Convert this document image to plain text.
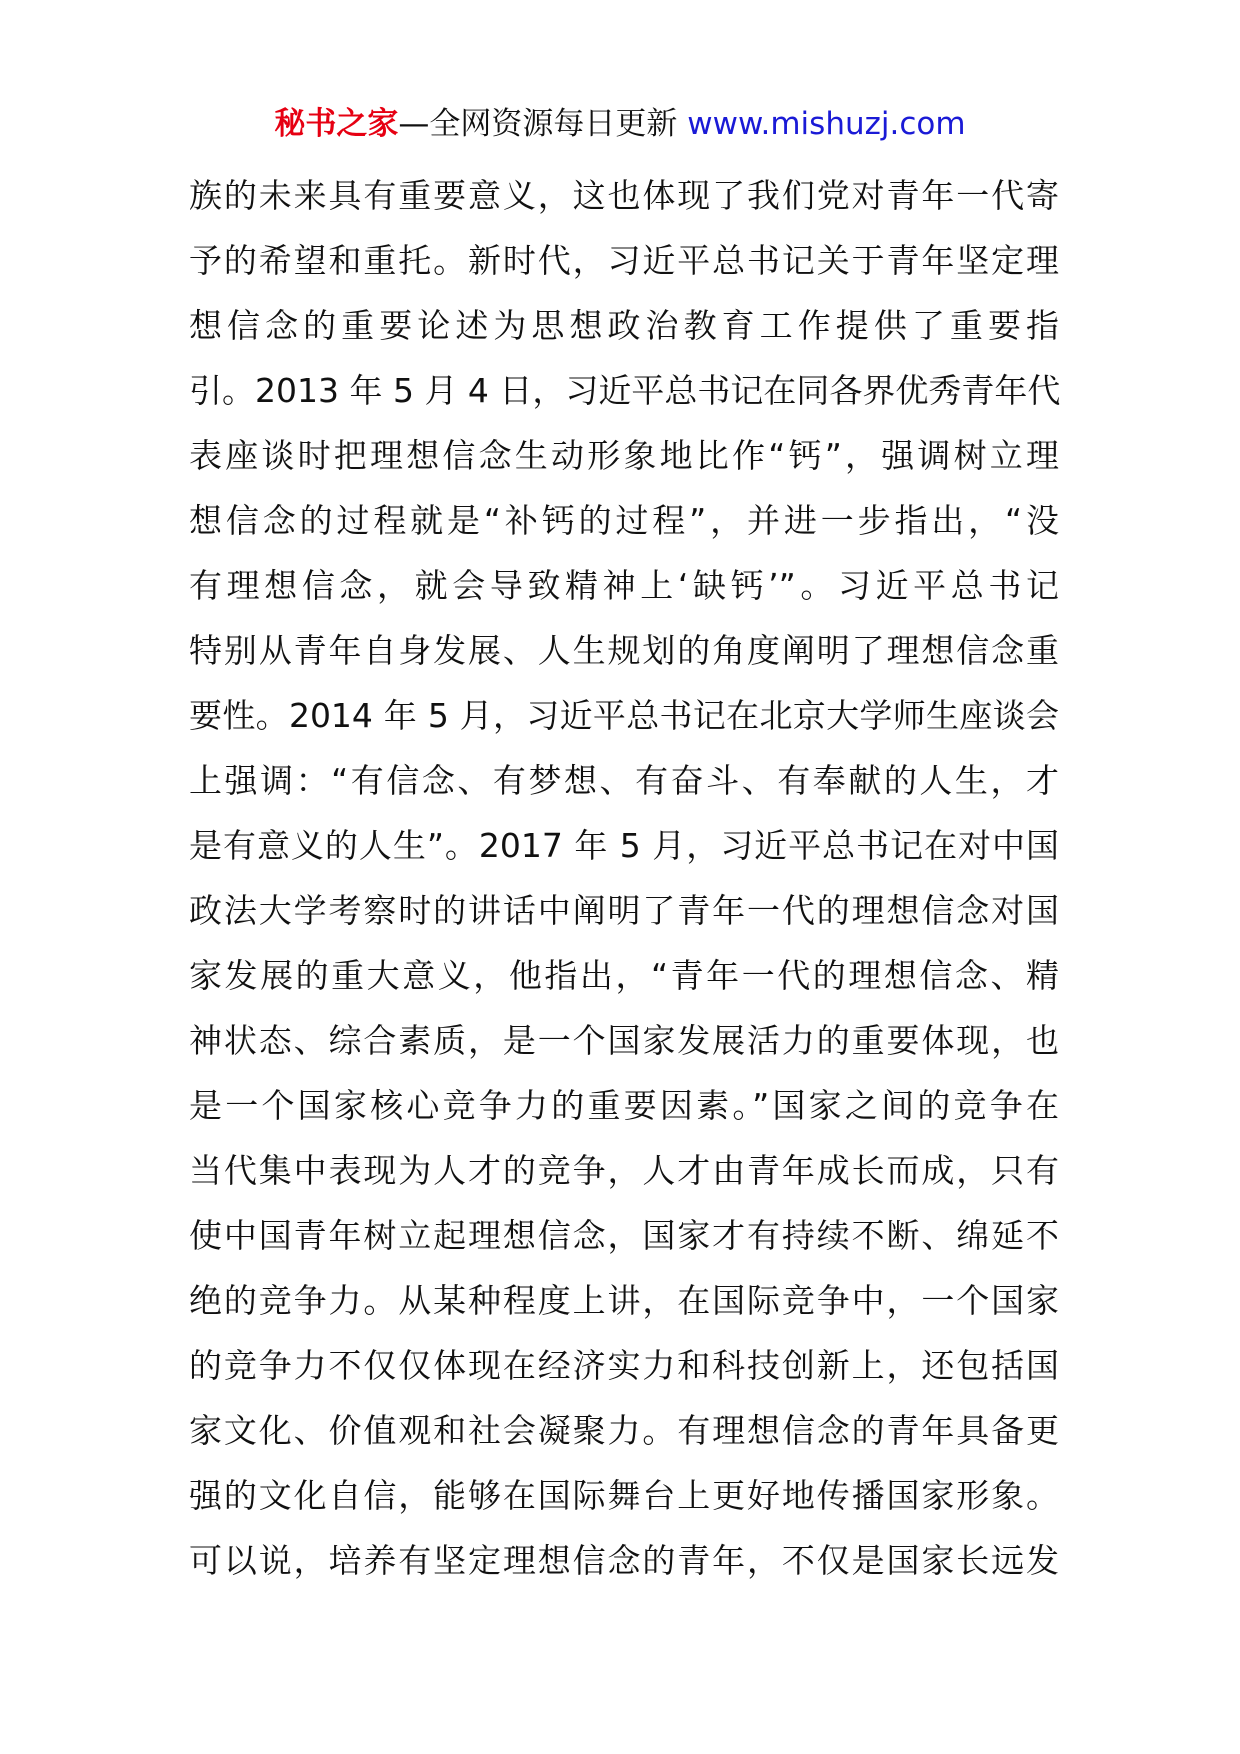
秘书之家—全网资源每日更新 www.mishuzj.com
族的未来具有重要意义，这也体现了我们党对青年一代寄
予的希望和重托。新时代，习近平总书记关于青年坚定理
想信念的重要论述为思想政治教育工作提供了重要指
引。2013 年 5 月 4 日，习近平总书记在同各界优秀青年代
表座谈时把理想信念生动形象地比作“钙”，强调树立理
想信念的过程就是“补钙的过程”，并进一步指出，“没
有理想信念，就会导致精神上‘缺钙’”。习近平总书记
特别从青年自身发展、人生规划的角度阐明了理想信念重
要性。2014 年 5 月，习近平总书记在北京大学师生座谈会
上强调：“有信念、有梦想、有奋斗、有奉献的人生，才
是有意义的人生”。2017 年 5 月，习近平总书记在对中国
政法大学考察时的讲话中阐明了青年一代的理想信念对国
家发展的重大意义，他指出，“青年一代的理想信念、精
神状态、综合素质，是一个国家发展活力的重要体现，也
是一个国家核心竞争力的重要因素。”国家之间的竞争在
当代集中表现为人才的竞争，人才由青年成长而成，只有
使中国青年树立起理想信念，国家才有持续不断、绵延不
绝的竞争力。从某种程度上讲，在国际竞争中，一个国家
的竞争力不仅仅体现在经济实力和科技创新上，还包括国
家文化、价值观和社会凝聚力。有理想信念的青年具备更
强的文化自信，能够在国际舞台上更好地传播国家形象。
可以说，培养有坚定理想信念的青年，不仅是国家长远发
